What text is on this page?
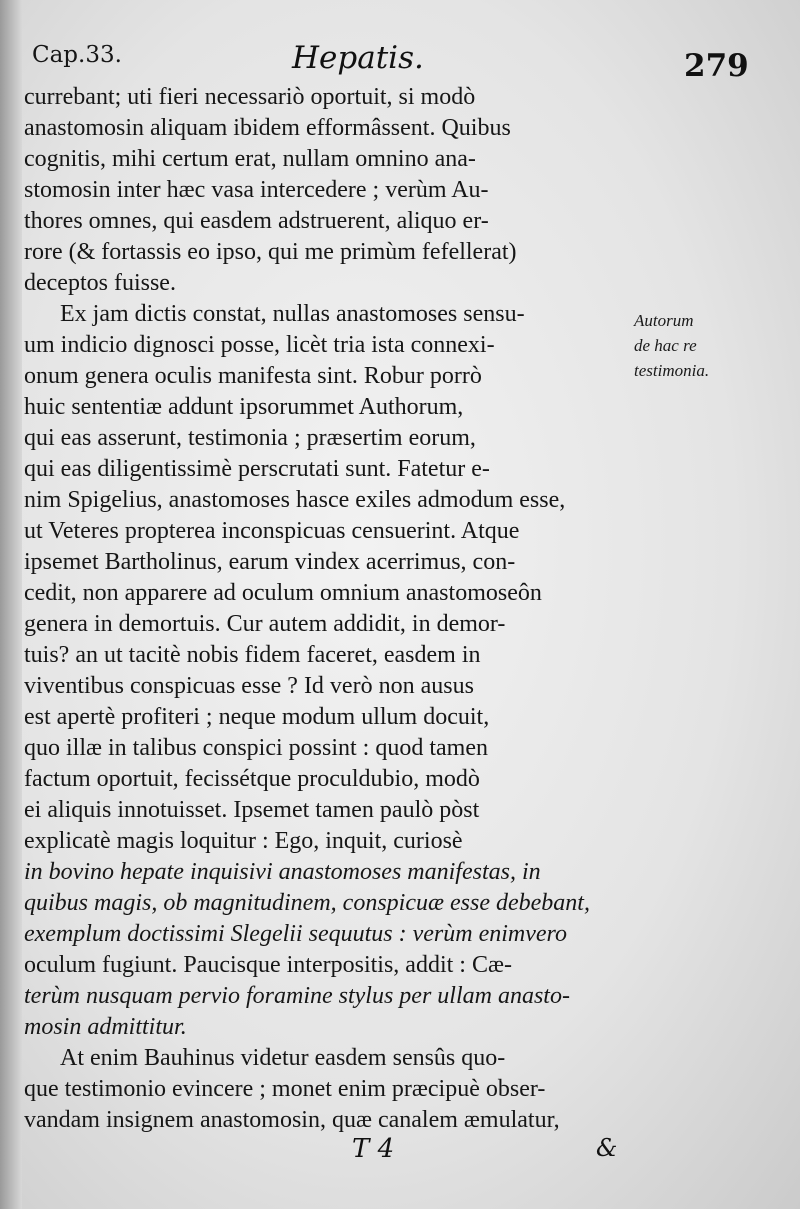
Cap.33.	Hepatis.	279
currebant; uti fieri necessariò oportuit, si modò
anastomosin aliquam ibidem efformâssent. Quibus
cognitis, mihi certum erat, nullam omnino ana-
stomosin inter hæc vasa intercedere ; verùm Au-
thores omnes, qui easdem adstruerent, aliquo er-
rore (& fortassis eo ipso, qui me primùm fefellerat)
deceptos fuisse.
Ex jam dictis constat, nullas anastomoses sensu-
um indicio dignosci posse, licèt tria ista connexi-
onum genera oculis manifesta sint. Robur porrò
huic sententiæ addunt ipsorummet Authorum,
qui eas asserunt, testimonia ; præsertim eorum,
qui eas diligentissimè perscrutati sunt. Fatetur e-
nim Spigelius, anastomoses hasce exiles admodum esse,
ut Veteres propterea inconspicuas censuerint. Atque
ipsemet Bartholinus, earum vindex acerrimus, con-
cedit, non apparere ad oculum omnium anastomoseôn
genera in demortuis. Cur autem addidit, in demor-
tuis? an ut tacitè nobis fidem faceret, easdem in
viventibus conspicuas esse ? Id verò non ausus
est apertè profiteri ; neque modum ullum docuit,
quo illæ in talibus conspici possint : quod tamen
factum oportuit, fecissétque proculdubio, modò
ei aliquis innotuisset. Ipsemet tamen paulò pòst
explicatè magis loquitur : Ego, inquit, curiosè
in bovino hepate inquisivi anastomoses manifestas, in
quibus magis, ob magnitudinem, conspicuæ esse debebant,
exemplum doctissimi Slegelii sequutus : verùm enimvero
oculum fugiunt. Paucisque interpositis, addit : Cæ-
terùm nusquam pervio foramine stylus per ullam anasto-
mosin admittitur.
At enim Bauhinus videtur easdem sensûs quo-
que testimonio evincere ; monet enim præcipuè obser-
vandam insignem anastomosin, quæ canalem æmulatur,
Autorum
de hac re
testimonia.
T 4	&
